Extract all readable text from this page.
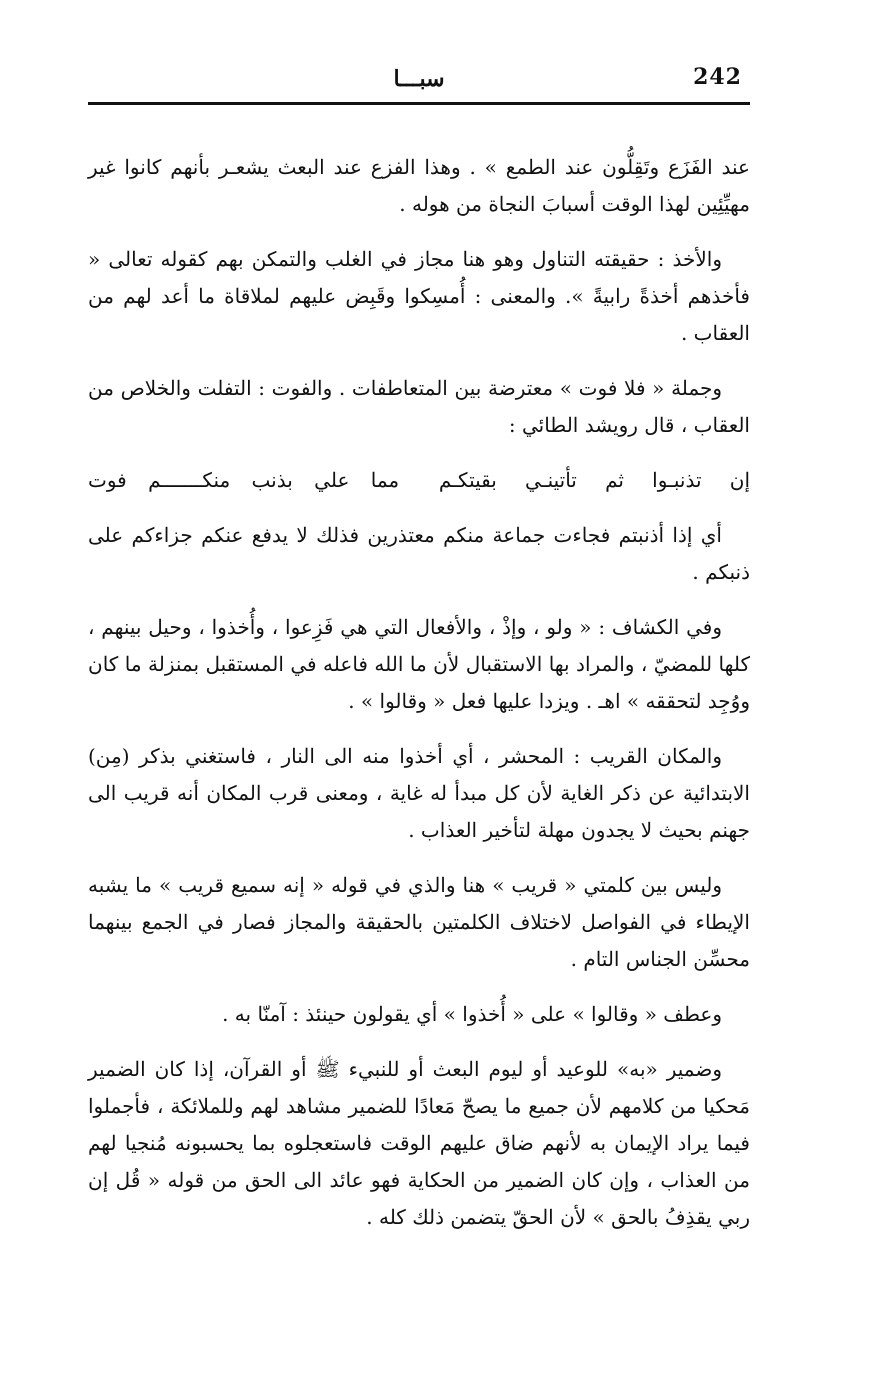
242
سبـــا

عند الفَزَع وتَقِلُّون عند الطمع » . وهذا الفزع عند البعث يشعـر بأنهم كانوا غير مهيِّئِين لهذا الوقت أسبابَ النجاة من هوله .

والأخذ : حقيقته التناول وهو هنا مجاز في الغلب والتمكن بهم كقوله تعالى « فأخذهم أخذةً رابيةً ». والمعنى : أُمسِكوا وقَبِض عليهم لملاقاة ما أعد لهم من العقاب .

وجملة « فلا فوت » معترضة بين المتعاطفات . والفوت : التفلت والخلاص من العقاب ، قال رويشد الطائي :

إن تذنبـوا ثم تأتينـي بقيتكـم
مما علي بذنب منكـــــــم فوت

أي إذا أذنبتم فجاءت جماعة منكم معتذرين فذلك لا يدفع عنكم جزاءكم على ذنبكم .

وفي الكشاف : « ولو ، وإذْ ، والأفعال التي هي فَزِعوا ، وأُخذوا ، وحيل بينهم ، كلها للمضيّ ، والمراد بها الاستقبال لأن ما الله فاعله في المستقبل بمنزلة ما كان ووُجِد لتحققه » اهـ . ويزدا عليها فعل « وقالوا » .

والمكان القريب : المحشر ، أي أخذوا منه الى النار ، فاستغني بذكر (مِن) الابتدائية عن ذكر الغاية لأن كل مبدأ له غاية ، ومعنى قرب المكان أنه قريب الى جهنم بحيث لا يجدون مهلة لتأخير العذاب .

وليس بين كلمتي « قريب » هنا والذي في قوله « إنه سميع قريب » ما يشبه الإيطاء في الفواصل لاختلاف الكلمتين بالحقيقة والمجاز فصار في الجمع بينهما محسِّن الجناس التام .

وعطف « وقالوا » على « أُخذوا » أي يقولون حينئذ : آمنّا به .

وضمير «به» للوعيد أو ليوم البعث أو للنبيء ﷺ أو القرآن، إذا كان الضمير مَحكيا من كلامهم لأن جميع ما يصحّ مَعادًا للضمير مشاهد لهم وللملائكة ، فأجملوا فيما يراد الإيمان به لأنهم ضاق عليهم الوقت فاستعجلوه بما يحسبونه مُنجيا لهم من العذاب ، وإن كان الضمير من الحكاية فهو عائد الى الحق من قوله « قُل إن ربي يقذِفُ بالحق » لأن الحقّ يتضمن ذلك كله .
